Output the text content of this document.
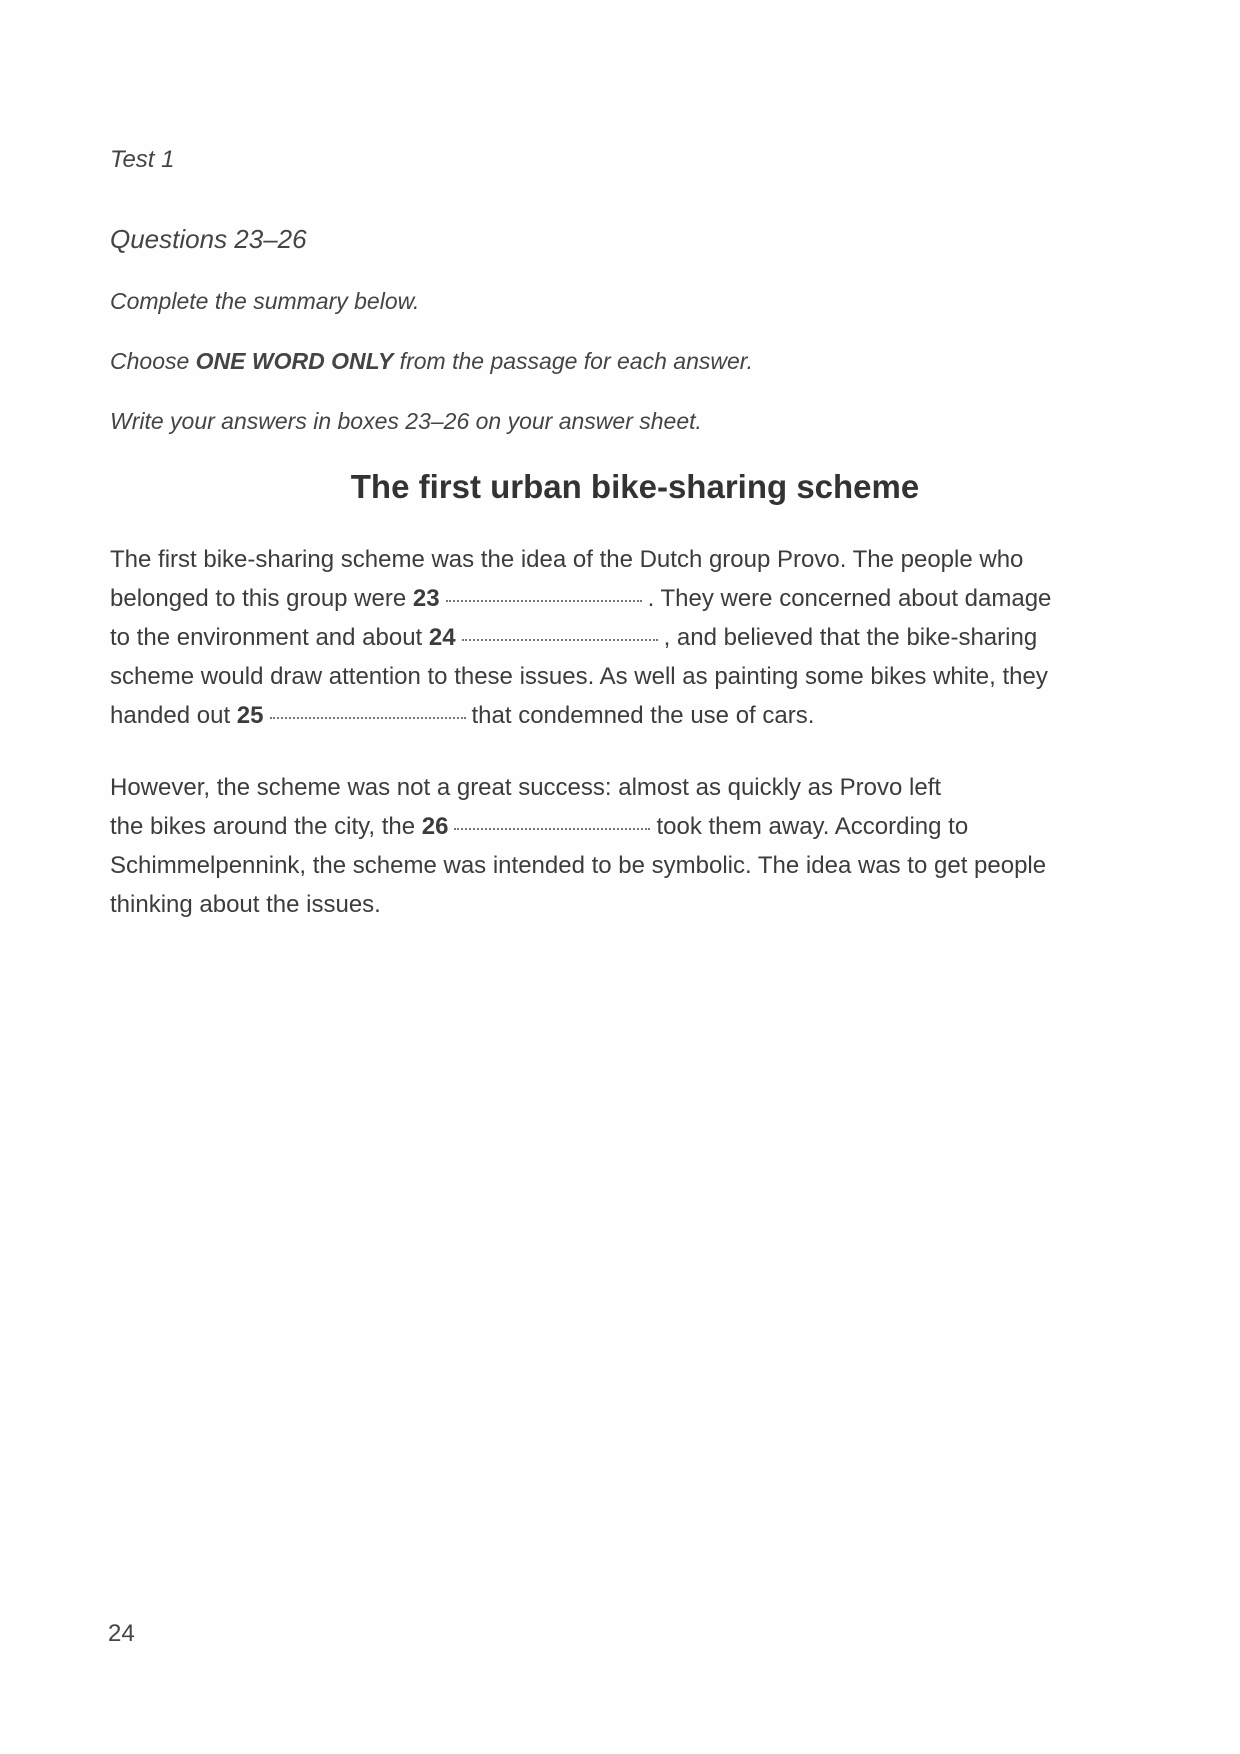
Test 1
Questions 23–26
Complete the summary below.
Choose ONE WORD ONLY from the passage for each answer.
Write your answers in boxes 23–26 on your answer sheet.
The first urban bike-sharing scheme
The first bike-sharing scheme was the idea of the Dutch group Provo. The people who
belonged to this group were 23	. They were concerned about damage
to the environment and about 24	, and believed that the bike-sharing
scheme would draw attention to these issues. As well as painting some bikes white, they
handed out 25	that condemned the use of cars.
However, the scheme was not a great success: almost as quickly as Provo left
the bikes around the city, the 26	took them away. According to
Schimmelpennink, the scheme was intended to be symbolic. The idea was to get people
thinking about the issues.
24
